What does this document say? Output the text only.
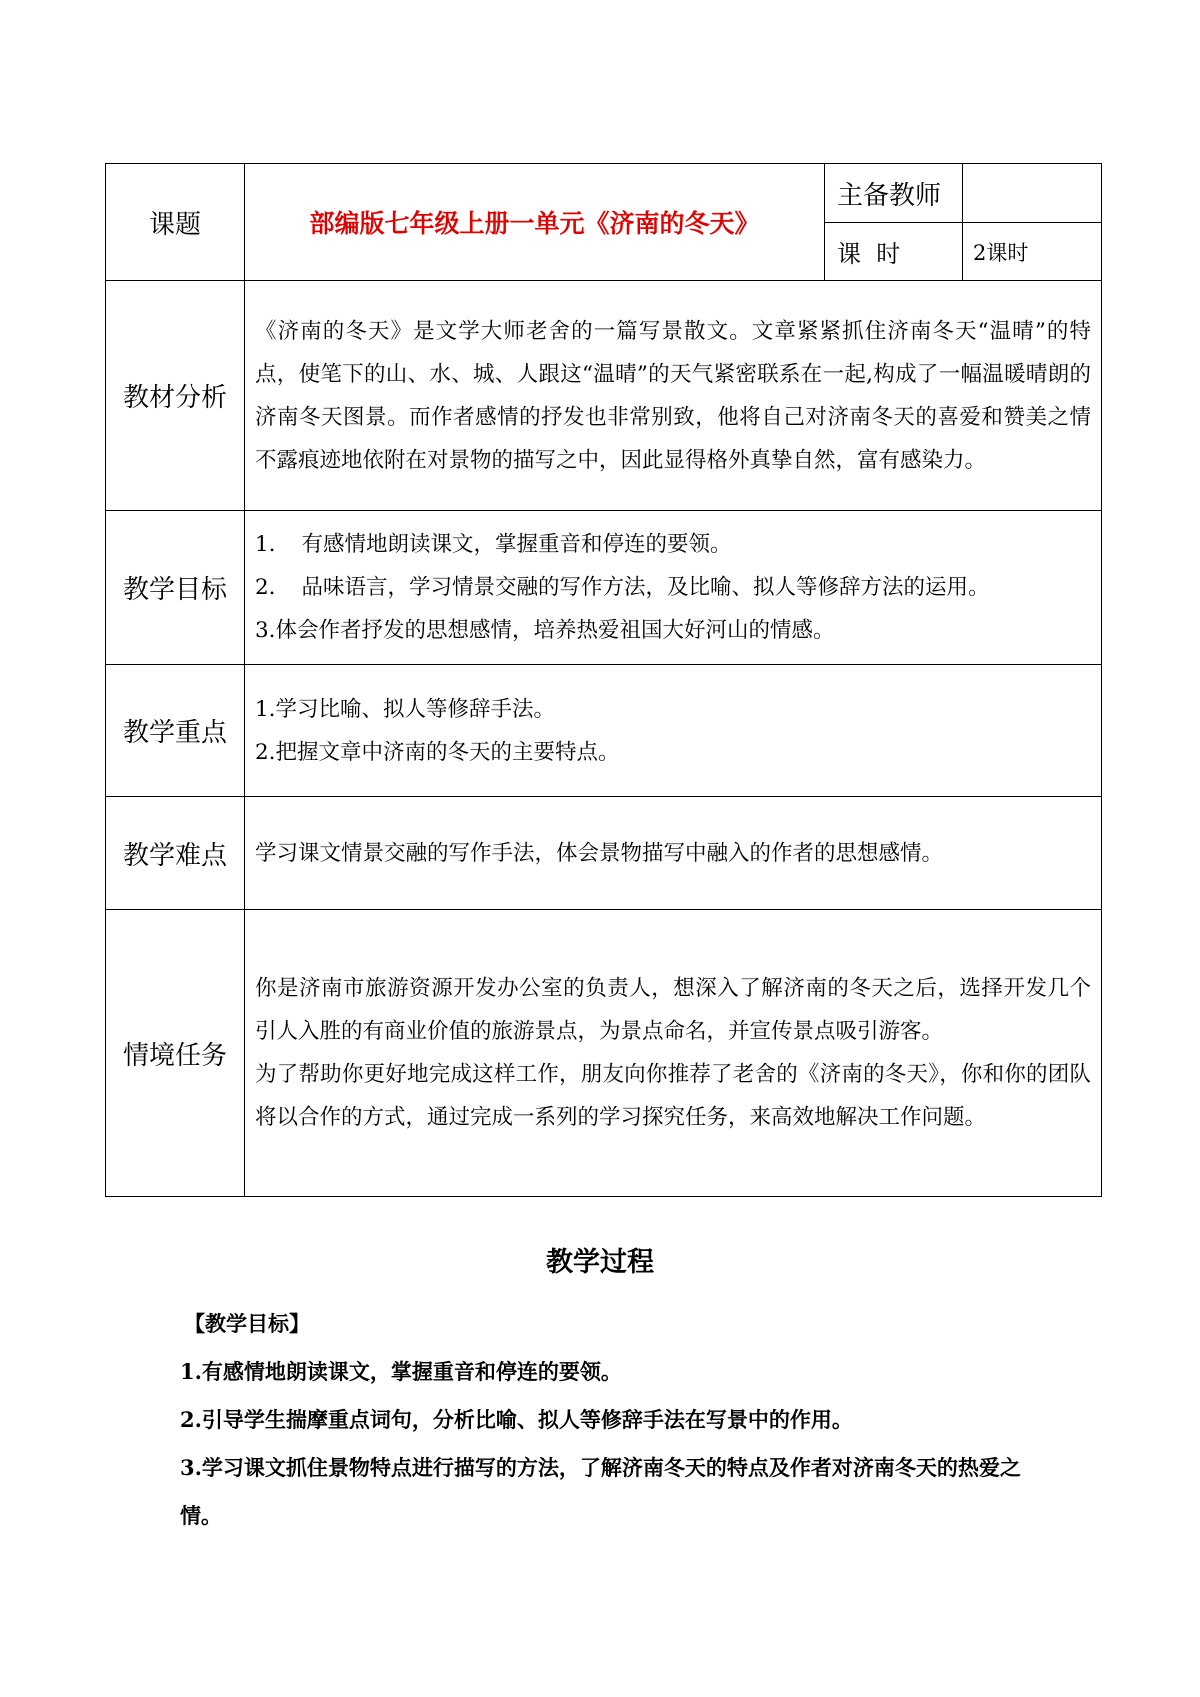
课题	部编版七年级上册一单元《济南的冬天》	主备教师	
		课  时	2课时
教材分析	《济南的冬天》是文学大师老舍的一篇写景散文。文章紧紧抓住济南冬天“温晴”的特点，使笔下的山、水、城、人跟这“温晴”的天气紧密联系在一起,构成了一幅温暖晴朗的济南冬天图景。而作者感情的抒发也非常别致，他将自己对济南冬天的喜爱和赞美之情不露痕迹地依附在对景物的描写之中，因此显得格外真挚自然，富有感染力。		

教学目标	1. 有感情地朗读课文，掌握重音和停连的要领。

2. 品味语言，学习情景交融的写作方法，及比喻、拟人等修辞方法的运用。

3.体会作者抒发的思想感情，培养热爱祖国大好河山的情感。		

教学重点	1.学习比喻、拟人等修辞手法。

2.把握文章中济南的冬天的主要特点。		

教学难点	学习课文情景交融的写作手法，体会景物描写中融入的作者的思想感情。		

情境任务	你是济南市旅游资源开发办公室的负责人，想深入了解济南的冬天之后，选择开发几个引人入胜的有商业价值的旅游景点，为景点命名，并宣传景点吸引游客。

为了帮助你更好地完成这样工作，朋友向你推荐了老舍的《济南的冬天》，你和你的团队将以合作的方式，通过完成一系列的学习探究任务，来高效地解决工作问题。		

教学过程

【教学目标】

1.有感情地朗读课文，掌握重音和停连的要领。

2.引导学生揣摩重点词句，分析比喻、拟人等修辞手法在写景中的作用。

3.学习课文抓住景物特点进行描写的方法，了解济南冬天的特点及作者对济南冬天的热爱之情。
